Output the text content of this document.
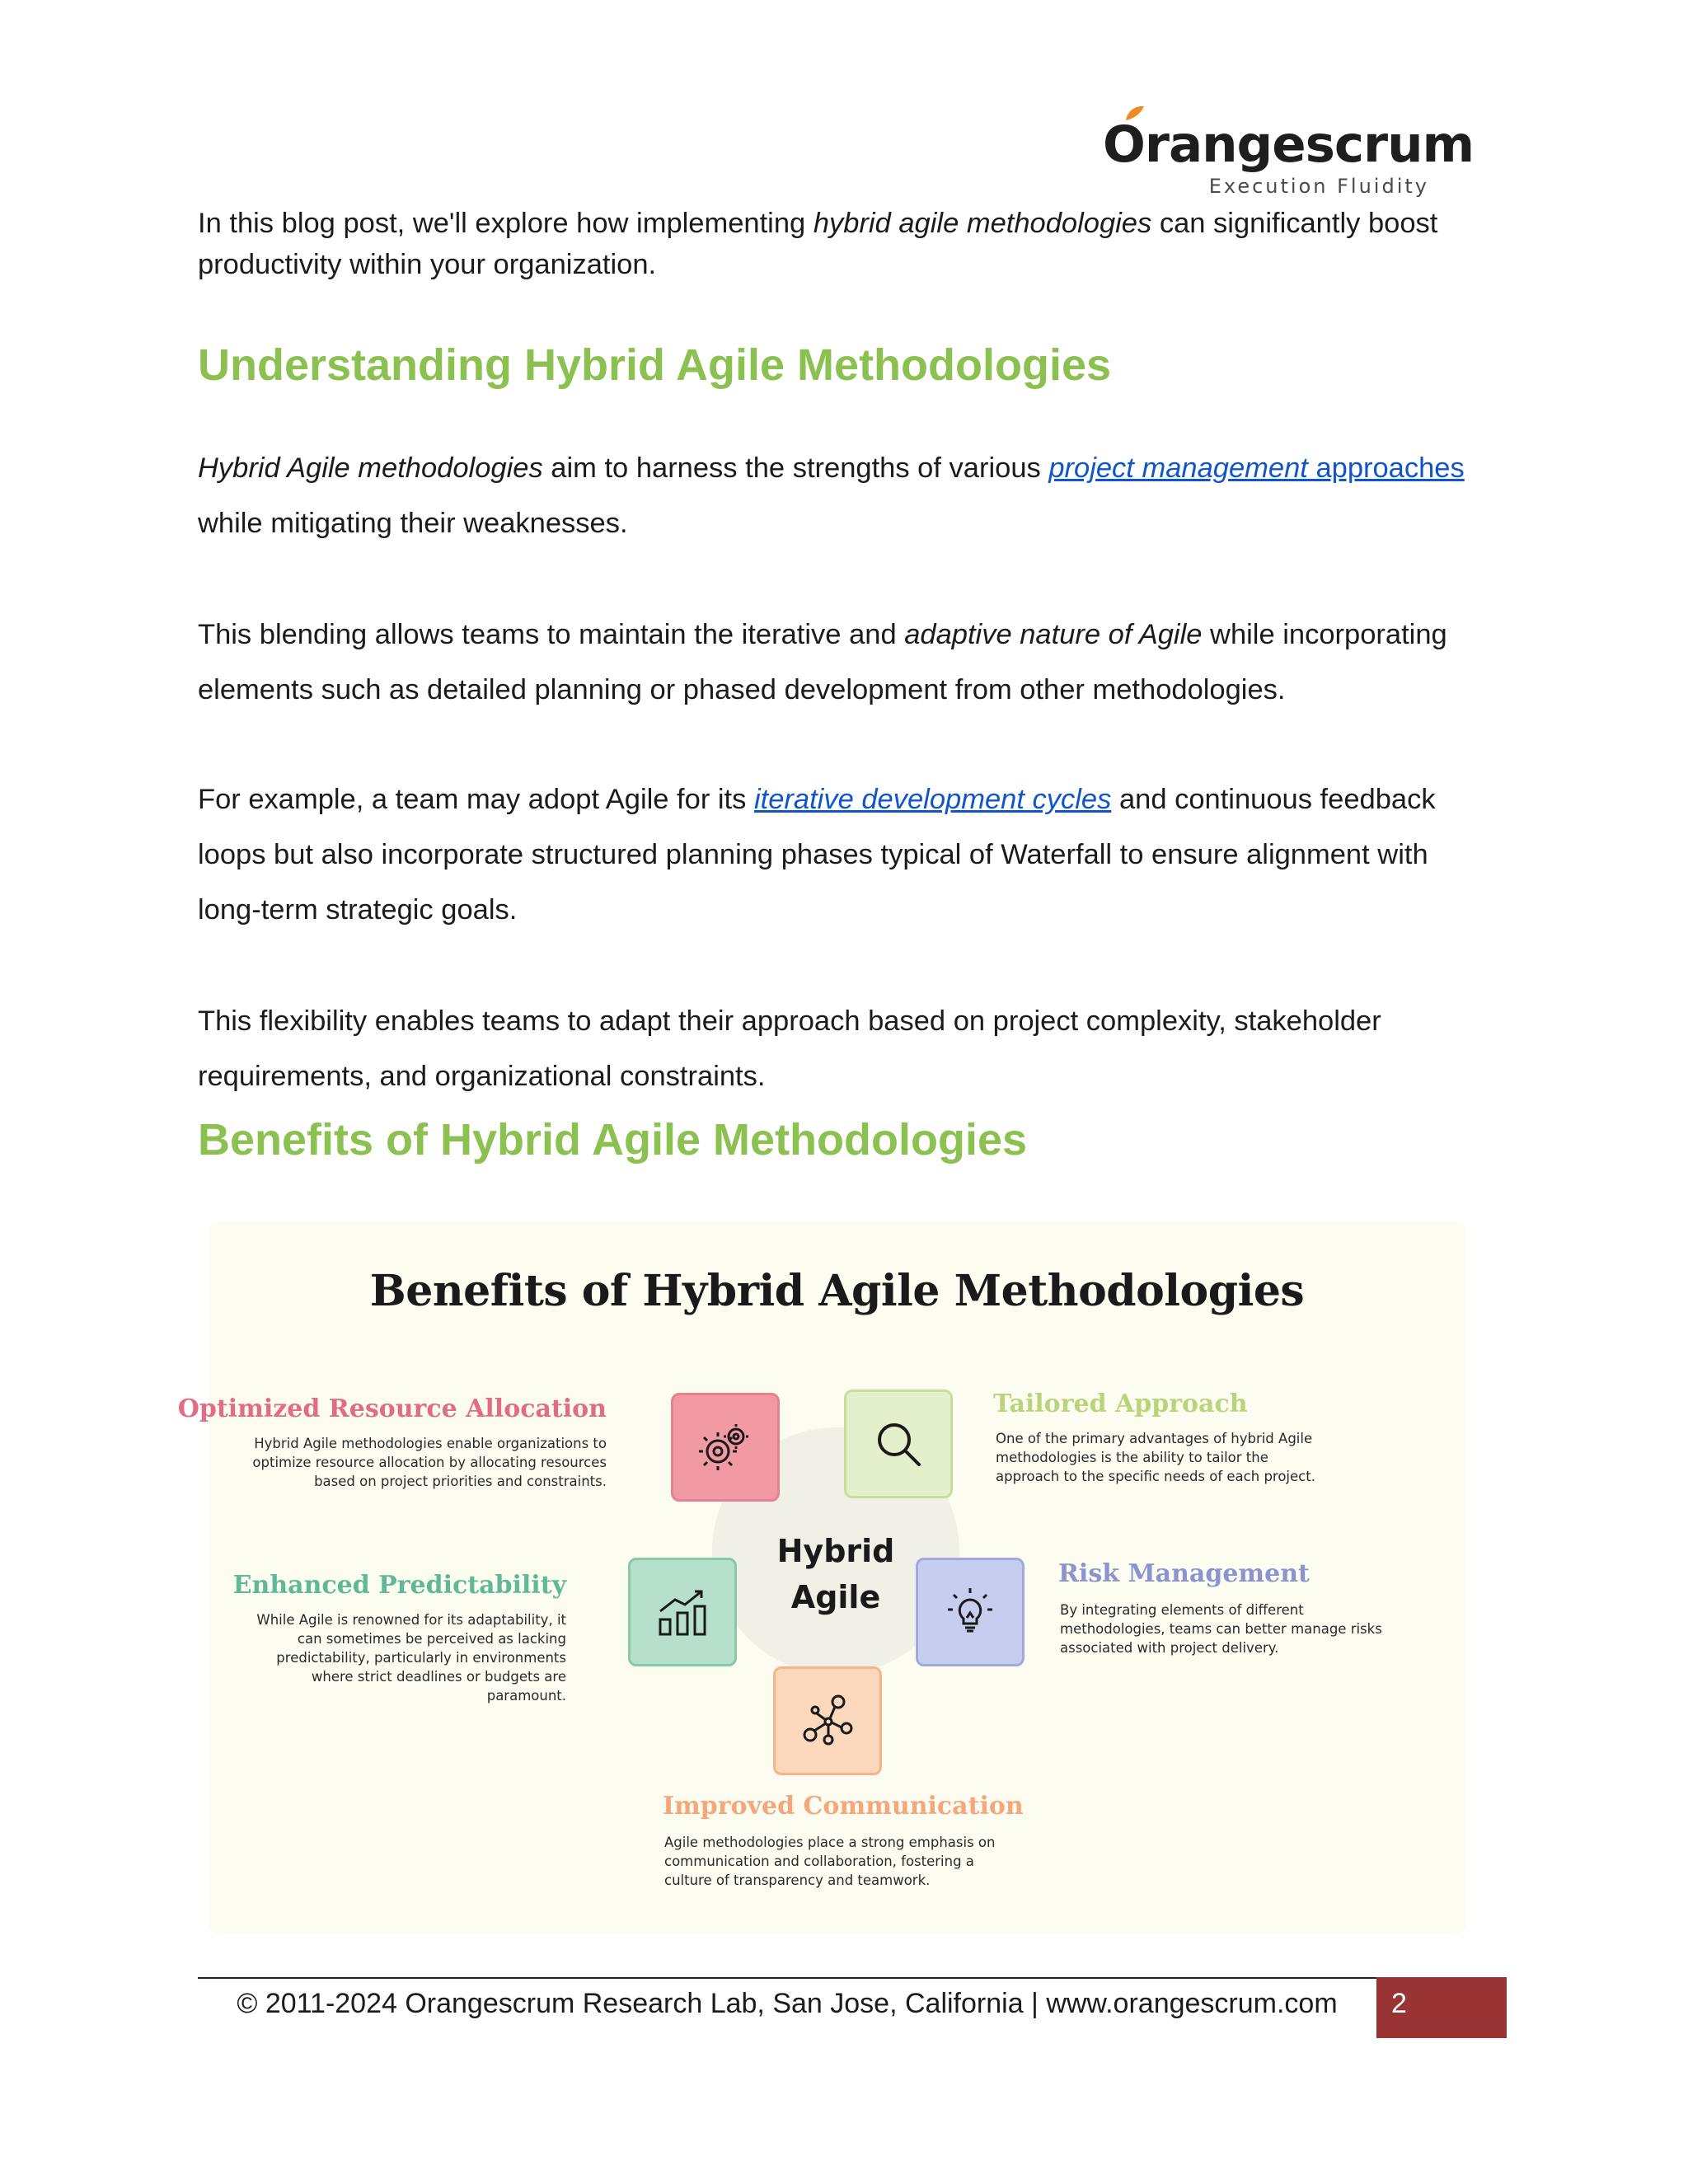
Orangescrum
Execution Fluidity
In this blog post, we'll explore how implementing hybrid agile methodologies can significantly boost productivity within your organization.
Understanding Hybrid Agile Methodologies
Hybrid Agile methodologies aim to harness the strengths of various project management approaches
while mitigating their weaknesses.
This blending allows teams to maintain the iterative and adaptive nature of Agile while incorporating elements such as detailed planning or phased development from other methodologies.
For example, a team may adopt Agile for its iterative development cycles and continuous feedback loops but also incorporate structured planning phases typical of Waterfall to ensure alignment with long-term strategic goals.
This flexibility enables teams to adapt their approach based on project complexity, stakeholder requirements, and organizational constraints.
Benefits of Hybrid Agile Methodologies
Benefits of Hybrid Agile Methodologies
Hybrid
Agile
Optimized Resource Allocation
Hybrid Agile methodologies enable organizations to optimize resource allocation by allocating resources based on project priorities and constraints.
Tailored Approach
One of the primary advantages of hybrid Agile methodologies is the ability to tailor the approach to the specific needs of each project.
Enhanced Predictability
While Agile is renowned for its adaptability, it can sometimes be perceived as lacking predictability, particularly in environments where strict deadlines or budgets are paramount.
Risk Management
By integrating elements of different methodologies, teams can better manage risks associated with project delivery.
Improved Communication
Agile methodologies place a strong emphasis on communication and collaboration, fostering a culture of transparency and teamwork.
© 2011-2024 Orangescrum Research Lab, San Jose, California | www.orangescrum.com	2
